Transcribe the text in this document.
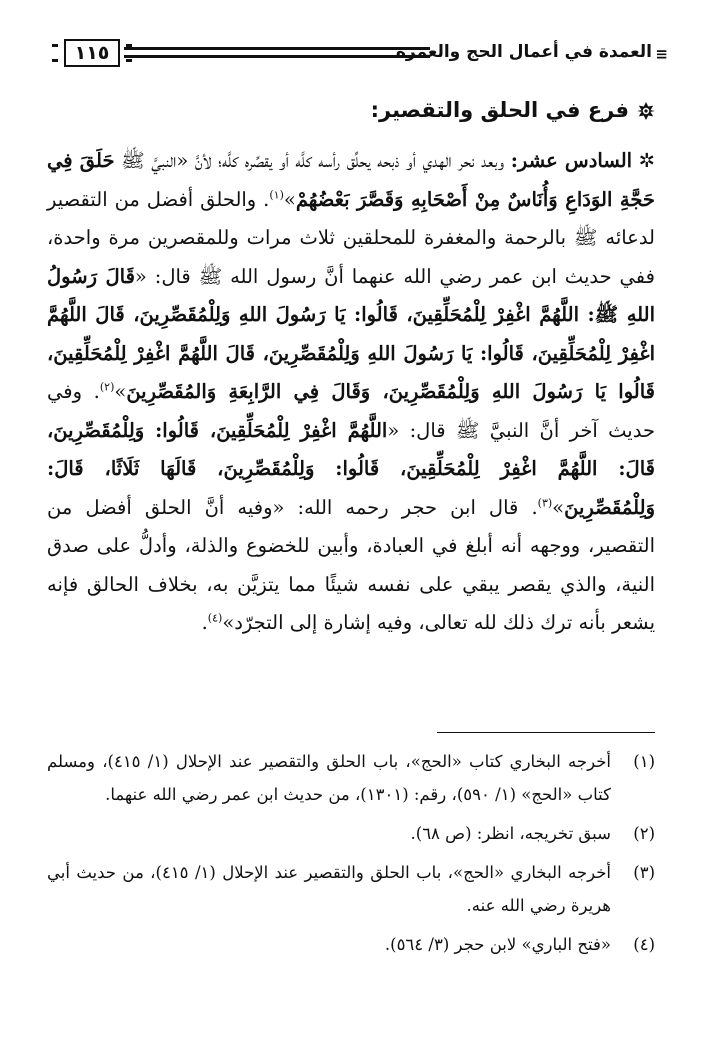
≡
العمدة في أعمال الحج والعمرة
١١٥
فرع في الحلق والتقصير:

✲ السادس عشر: وبعد نحر الهدي أو ذبحه يحلِّق رأسه كلَّه أو يقصِّره كلَّه؛ لأنَّ «النبيَّ ﷺ حَلَقَ فِي حَجَّةِ الوَدَاعِ وَأُنَاسٌ مِنْ أَصْحَابِهِ وَقَصَّرَ بَعْضُهُمْ»$^{(١)}$. والحلق أفضل من التقصير لدعائه ﷺ بالرحمة والمغفرة للمحلقين ثلاث مرات وللمقصرين مرة واحدة، ففي حديث ابن عمر رضي الله عنهما أنَّ رسول الله ﷺ قال: «قَالَ رَسُولُ اللهِ ﷺ: اللَّهُمَّ اغْفِرْ لِلْمُحَلِّقِينَ، قَالُوا: يَا رَسُولَ اللهِ وَلِلْمُقَصِّرِينَ، قَالَ اللَّهُمَّ اغْفِرْ لِلْمُحَلِّقِينَ، قَالُوا: يَا رَسُولَ اللهِ وَلِلْمُقَصِّرِينَ، قَالَ اللَّهُمَّ اغْفِرْ لِلْمُحَلِّقِينَ، قَالُوا يَا رَسُولَ اللهِ وَلِلْمُقَصِّرِينَ، وَقَالَ فِي الرَّابِعَةِ وَالمُقَصِّرِينَ»$^{(٢)}$. وفي حديث آخر أنَّ النبيَّ ﷺ قال: «اللَّهُمَّ اغْفِرْ لِلْمُحَلِّقِينَ، قَالُوا: وَلِلْمُقَصِّرِينَ، قَالَ: اللَّهُمَّ اغْفِرْ لِلْمُحَلِّقِينَ، قَالُوا: وَلِلْمُقَصِّرِينَ، قَالَهَا ثَلَاثًا، قَالَ: وَلِلْمُقَصِّرِينَ»$^{(٣)}$. قال ابن حجر رحمه الله: «وفيه أنَّ الحلق أفضل من التقصير، ووجهه أنه أبلغ في العبادة، وأبين للخضوع والذلة، وأدلُّ على صدق النية، والذي يقصر يبقي على نفسه شيئًا مما يتزيَّن به، بخلاف الحالق فإنه يشعر بأنه ترك ذلك لله تعالى، وفيه إشارة إلى التجرّد»$^{(٤)}$.

(١)
أخرجه البخاري كتاب «الحج»، باب الحلق والتقصير عند الإحلال (١/ ٤١٥)، ومسلم كتاب «الحج» (١/ ٥٩٠)، رقم: (١٣٠١)، من حديث ابن عمر رضي الله عنهما.
(٢)
سبق تخريجه، انظر: (ص ٦٨).
(٣)
أخرجه البخاري «الحج»، باب الحلق والتقصير عند الإحلال (١/ ٤١٥)، من حديث أبي هريرة رضي الله عنه.
(٤)
«فتح الباري» لابن حجر (٣/ ٥٦٤).
